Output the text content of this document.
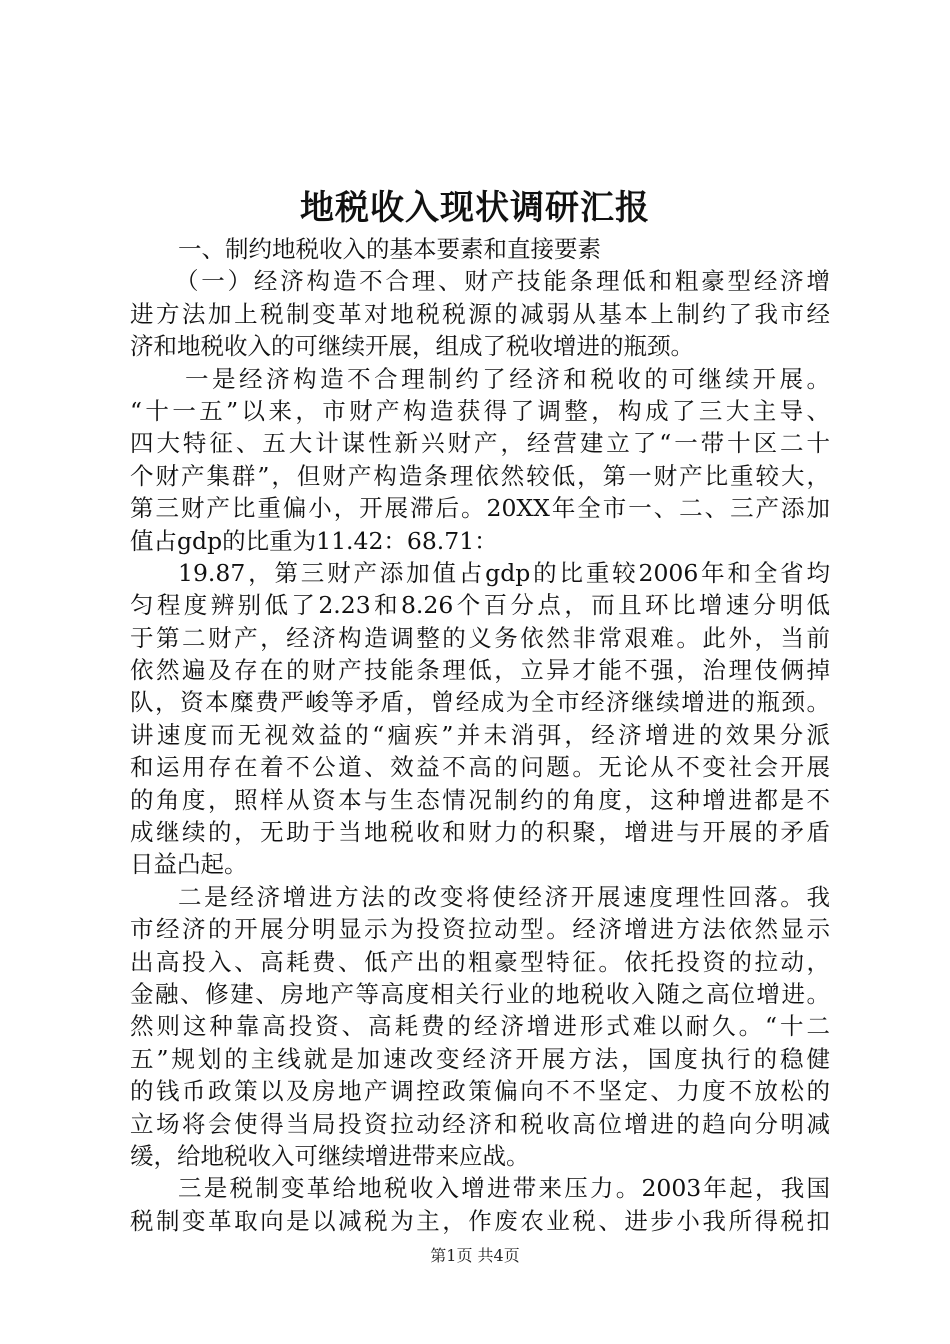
地税收入现状调研汇报
一、制约地税收入的基本要素和直接要素
（一）经济构造不合理、财产技能条理低和粗豪型经济增
进方法加上税制变革对地税税源的减弱从基本上制约了我市经
济和地税收入的可继续开展，组成了税收增进的瓶颈。
一是经济构造不合理制约了经济和税收的可继续开展。
“十一五”以来，市财产构造获得了调整，构成了三大主导、
四大特征、五大计谋性新兴财产，经营建立了“一带十区二十
个财产集群”，但财产构造条理依然较低，第一财产比重较大，
第三财产比重偏小，开展滞后。20XX年全市一、二、三产添加
值占gdp的比重为11.42：68.71：
19.87，第三财产添加值占gdp的比重较2006年和全省均
匀程度辨别低了2.23和8.26个百分点，而且环比增速分明低
于第二财产，经济构造调整的义务依然非常艰难。此外，当前
依然遍及存在的财产技能条理低，立异才能不强，治理伎俩掉
队，资本糜费严峻等矛盾，曾经成为全市经济继续增进的瓶颈。
讲速度而无视效益的“痼疾”并未消弭，经济增进的效果分派
和运用存在着不公道、效益不高的问题。无论从不变社会开展
的角度，照样从资本与生态情况制约的角度，这种增进都是不
成继续的，无助于当地税收和财力的积聚，增进与开展的矛盾
日益凸起。
二是经济增进方法的改变将使经济开展速度理性回落。我
市经济的开展分明显示为投资拉动型。经济增进方法依然显示
出高投入、高耗费、低产出的粗豪型特征。依托投资的拉动，
金融、修建、房地产等高度相关行业的地税收入随之高位增进。
然则这种靠高投资、高耗费的经济增进形式难以耐久。“十二
五”规划的主线就是加速改变经济开展方法，国度执行的稳健
的钱币政策以及房地产调控政策偏向不不坚定、力度不放松的
立场将会使得当局投资拉动经济和税收高位增进的趋向分明减
缓，给地税收入可继续增进带来应战。
三是税制变革给地税收入增进带来压力。2003年起，我国
税制变革取向是以减税为主，作废农业税、进步小我所得税扣
第1页 共4页
